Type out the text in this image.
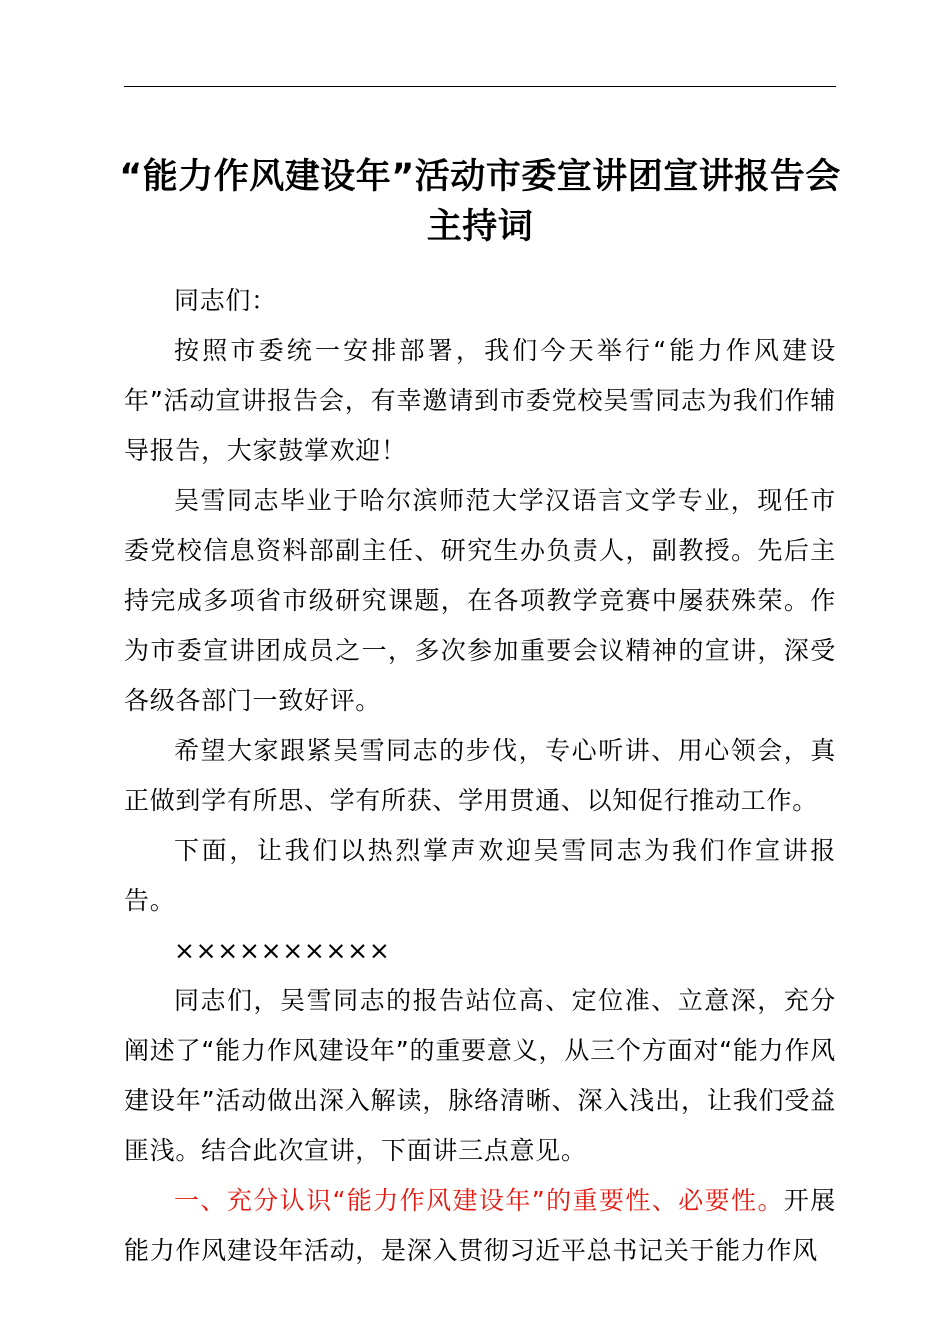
“能力作风建设年”活动市委宣讲团宣讲报告会
主持词

同志们：

按照市委统一安排部署，我们今天举行“能力作风建设年”活动宣讲报告会，有幸邀请到市委党校吴雪同志为我们作辅导报告，大家鼓掌欢迎！

吴雪同志毕业于哈尔滨师范大学汉语言文学专业，现任市委党校信息资料部副主任、研究生办负责人，副教授。先后主持完成多项省市级研究课题，在各项教学竞赛中屡获殊荣。作为市委宣讲团成员之一，多次参加重要会议精神的宣讲，深受各级各部门一致好评。

希望大家跟紧吴雪同志的步伐，专心听讲、用心领会，真正做到学有所思、学有所获、学用贯通、以知促行推动工作。

下面，让我们以热烈掌声欢迎吴雪同志为我们作宣讲报告。

××××××××××

同志们，吴雪同志的报告站位高、定位准、立意深，充分阐述了“能力作风建设年”的重要意义，从三个方面对“能力作风建设年”活动做出深入解读，脉络清晰、深入浅出，让我们受益匪浅。结合此次宣讲，下面讲三点意见。

一、充分认识“能力作风建设年”的重要性、必要性。开展能力作风建设年活动，是深入贯彻习近平总书记关于能力作风
